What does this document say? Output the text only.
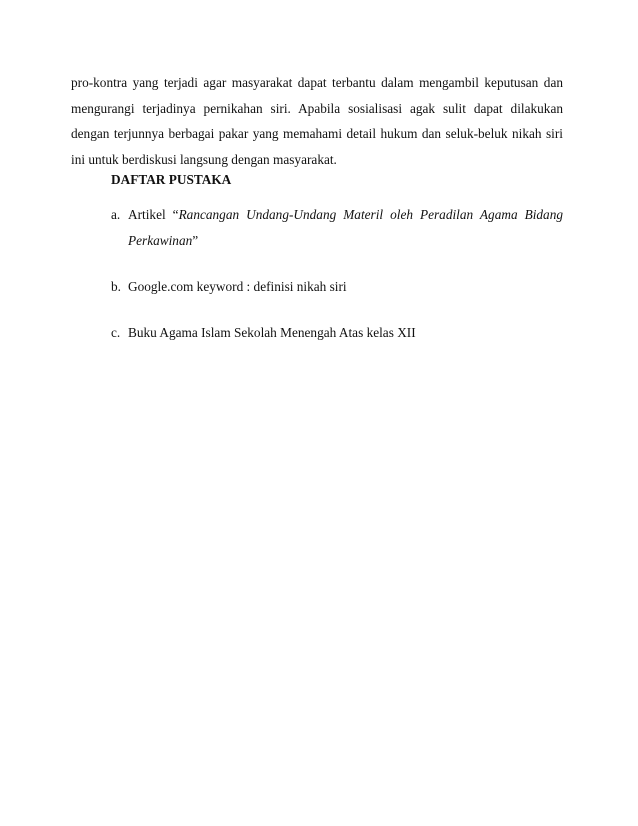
pro-kontra yang terjadi agar masyarakat dapat terbantu dalam mengambil keputusan dan mengurangi terjadinya pernikahan siri. Apabila sosialisasi agak sulit dapat dilakukan dengan terjunnya berbagai pakar yang memahami detail hukum dan seluk-beluk nikah siri ini untuk berdiskusi langsung dengan masyarakat.

DAFTAR PUSTAKA
a. Artikel “Rancangan Undang-Undang Materil oleh Peradilan Agama Bidang
Perkawinan”
b. Google.com keyword : definisi nikah siri
c. Buku Agama Islam Sekolah Menengah Atas kelas XII
